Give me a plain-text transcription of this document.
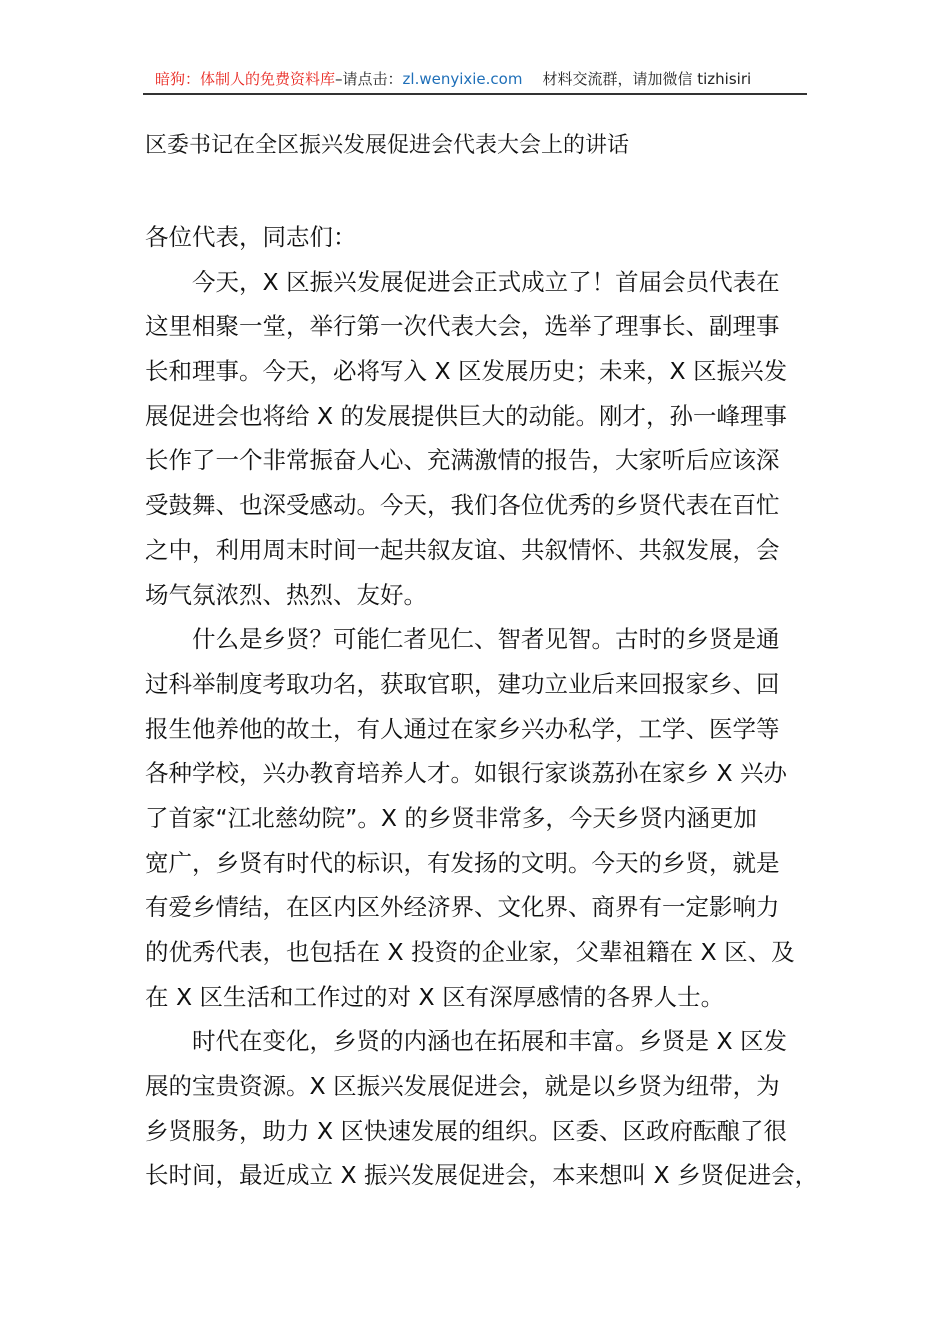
暗狗：体制人的免费资料库 –请点击： zl.wenyixie.com 材料交流群，请加微信 tizhisiri
区委书记在全区振兴发展促进会代表大会上的讲话
各位代表，同志们：
今天，X 区振兴发展促进会正式成立了！首届会员代表在
这里相聚一堂，举行第一次代表大会，选举了理事长、副理事
长和理事。今天，必将写入 X 区发展历史；未来，X 区振兴发
展促进会也将给 X 的发展提供巨大的动能。刚才，孙一峰理事
长作了一个非常振奋人心、充满激情的报告，大家听后应该深
受鼓舞、也深受感动。今天，我们各位优秀的乡贤代表在百忙
之中，利用周末时间一起共叙友谊、共叙情怀、共叙发展，会
场气氛浓烈、热烈、友好。
什么是乡贤？可能仁者见仁、智者见智。古时的乡贤是通
过科举制度考取功名，获取官职，建功立业后来回报家乡、回
报生他养他的故土，有人通过在家乡兴办私学，工学、医学等
各种学校，兴办教育培养人才。如银行家谈荔孙在家乡 X 兴办
了首家“江北慈幼院”。X 的乡贤非常多，今天乡贤内涵更加
宽广，乡贤有时代的标识，有发扬的文明。今天的乡贤，就是
有爱乡情结，在区内区外经济界、文化界、商界有一定影响力
的优秀代表，也包括在 X 投资的企业家，父辈祖籍在 X 区、及
在 X 区生活和工作过的对 X 区有深厚感情的各界人士。
时代在变化，乡贤的内涵也在拓展和丰富。乡贤是 X 区发
展的宝贵资源。X 区振兴发展促进会，就是以乡贤为纽带，为
乡贤服务，助力 X 区快速发展的组织。区委、区政府酝酿了很
长时间，最近成立 X 振兴发展促进会，本来想叫 X 乡贤促进会，
